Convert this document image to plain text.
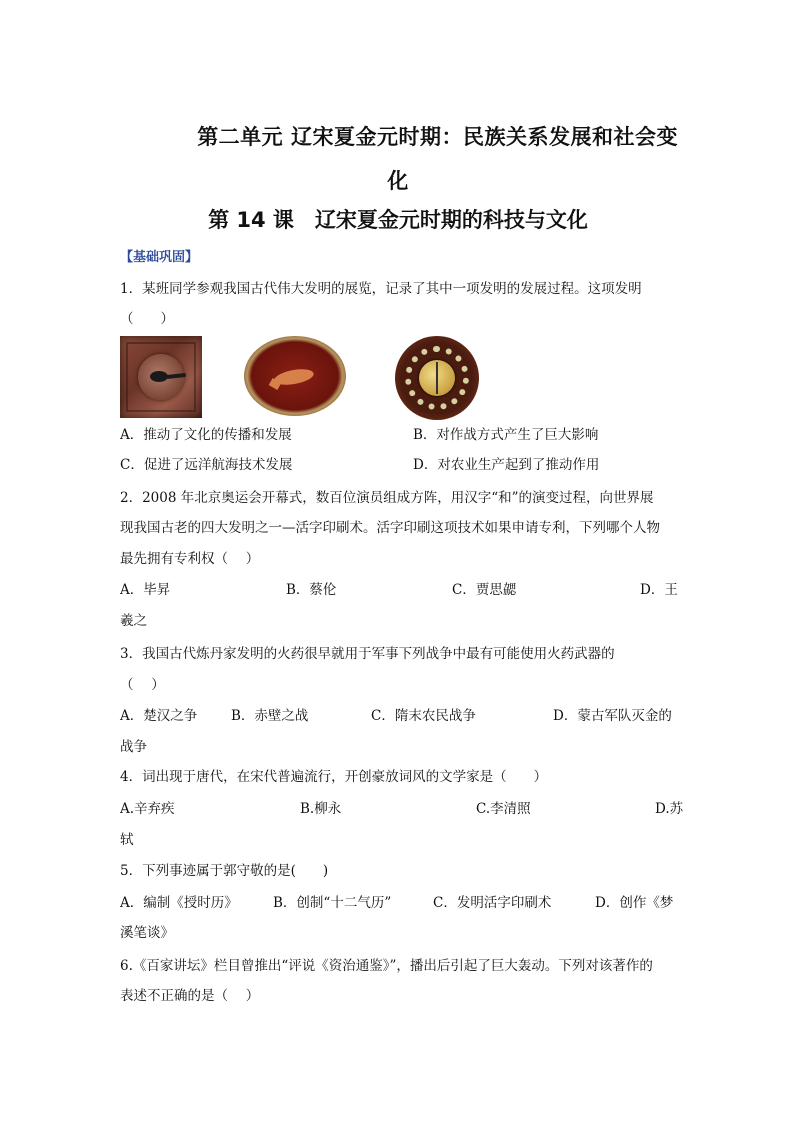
第二单元 辽宋夏金元时期：民族关系发展和社会变
化
第 14 课　辽宋夏金元时期的科技与文化
【基础巩固】
1．某班同学参观我国古代伟大发明的展览，记录了其中一项发明的发展过程。这项发明
（　　）
A．推动了文化的传播和发展	B．对作战方式产生了巨大影响
C．促进了远洋航海技术发展	D．对农业生产起到了推动作用
2．2008 年北京奥运会开幕式，数百位演员组成方阵，用汉字“和”的演变过程，向世界展
现我国古老的四大发明之一—活字印刷术。活字印刷这项技术如果申请专利，下列哪个人物
最先拥有专利权（　 ）
A．毕昇	B．蔡伦	C．贾思勰	D．王
羲之
3．我国古代炼丹家发明的火药很早就用于军事下列战争中最有可能使用火药武器的
（　 ）
A．楚汉之争	B．赤壁之战	C．隋末农民战争	D．蒙古军队灭金的
战争
4．词出现于唐代，在宋代普遍流行，开创豪放词风的文学家是（　　）
A.辛弃疾	B.柳永	C.李清照	D.苏
轼
5．下列事迹属于郭守敬的是(　　)
A．编制《授时历》	B．创制“十二气历”	C．发明活字印刷术	D．创作《梦
溪笔谈》
6.《百家讲坛》栏目曾推出“评说《资治通鉴》”，播出后引起了巨大轰动。下列对该著作的
表述不正确的是（　 ）
